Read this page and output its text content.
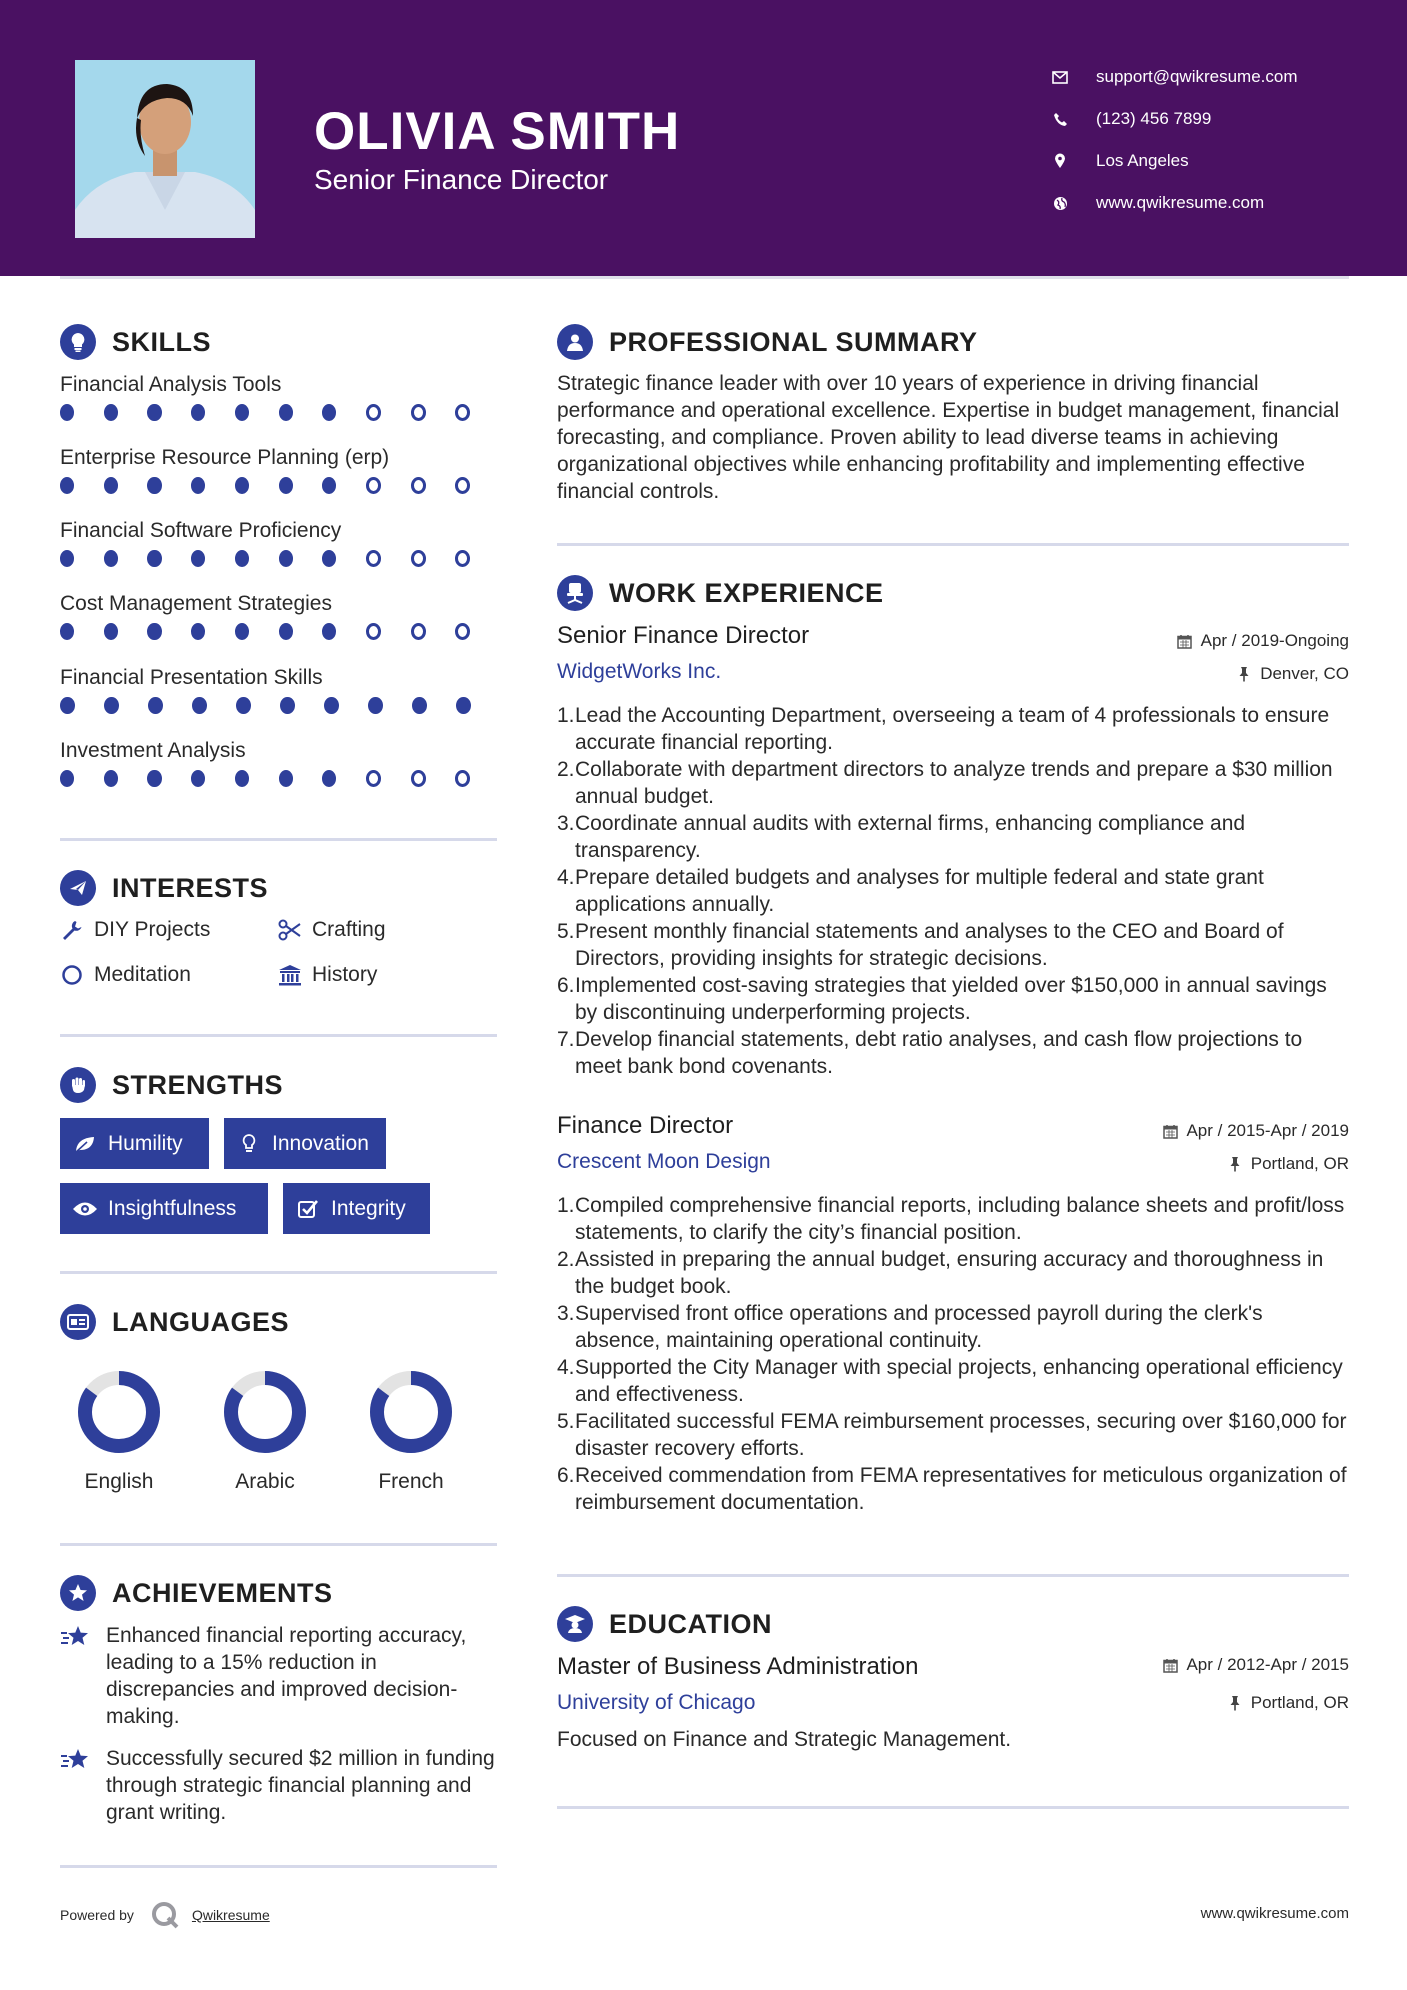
OLIVIA SMITH
Senior Finance Director
support@qwikresume.com
(123) 456 7899
Los Angeles
www.qwikresume.com
SKILLS
Financial Analysis Tools
Enterprise Resource Planning (erp)
Financial Software Proficiency
Cost Management Strategies
Financial Presentation Skills
Investment Analysis
INTERESTS
DIY Projects	Crafting
Meditation	History
STRENGTHS
Humility	Innovation
Insightfulness	Integrity
LANGUAGES
English	Arabic	French
ACHIEVEMENTS
Enhanced financial reporting accuracy, leading to a 15% reduction in discrepancies and improved decision-making.
Successfully secured $2 million in funding through strategic financial planning and grant writing.
Powered by	Qwikresume	www.qwikresume.com
PROFESSIONAL SUMMARY
Strategic finance leader with over 10 years of experience in driving financial performance and operational excellence. Expertise in budget management, financial forecasting, and compliance. Proven ability to lead diverse teams in achieving organizational objectives while enhancing profitability and implementing effective financial controls.
WORK EXPERIENCE
Senior Finance Director	Apr / 2019-Ongoing
WidgetWorks Inc.	Denver, CO
1. Lead the Accounting Department, overseeing a team of 4 professionals to ensure accurate financial reporting.
2. Collaborate with department directors to analyze trends and prepare a $30 million annual budget.
3. Coordinate annual audits with external firms, enhancing compliance and transparency.
4. Prepare detailed budgets and analyses for multiple federal and state grant applications annually.
5. Present monthly financial statements and analyses to the CEO and Board of Directors, providing insights for strategic decisions.
6. Implemented cost-saving strategies that yielded over $150,000 in annual savings by discontinuing underperforming projects.
7. Develop financial statements, debt ratio analyses, and cash flow projections to meet bank bond covenants.
Finance Director	Apr / 2015-Apr / 2019
Crescent Moon Design	Portland, OR
1. Compiled comprehensive financial reports, including balance sheets and profit/loss statements, to clarify the city’s financial position.
2. Assisted in preparing the annual budget, ensuring accuracy and thoroughness in the budget book.
3. Supervised front office operations and processed payroll during the clerk's absence, maintaining operational continuity.
4. Supported the City Manager with special projects, enhancing operational efficiency and effectiveness.
5. Facilitated successful FEMA reimbursement processes, securing over $160,000 for disaster recovery efforts.
6. Received commendation from FEMA representatives for meticulous organization of reimbursement documentation.
EDUCATION
Master of Business Administration	Apr / 2012-Apr / 2015
University of Chicago	Portland, OR
Focused on Finance and Strategic Management.
